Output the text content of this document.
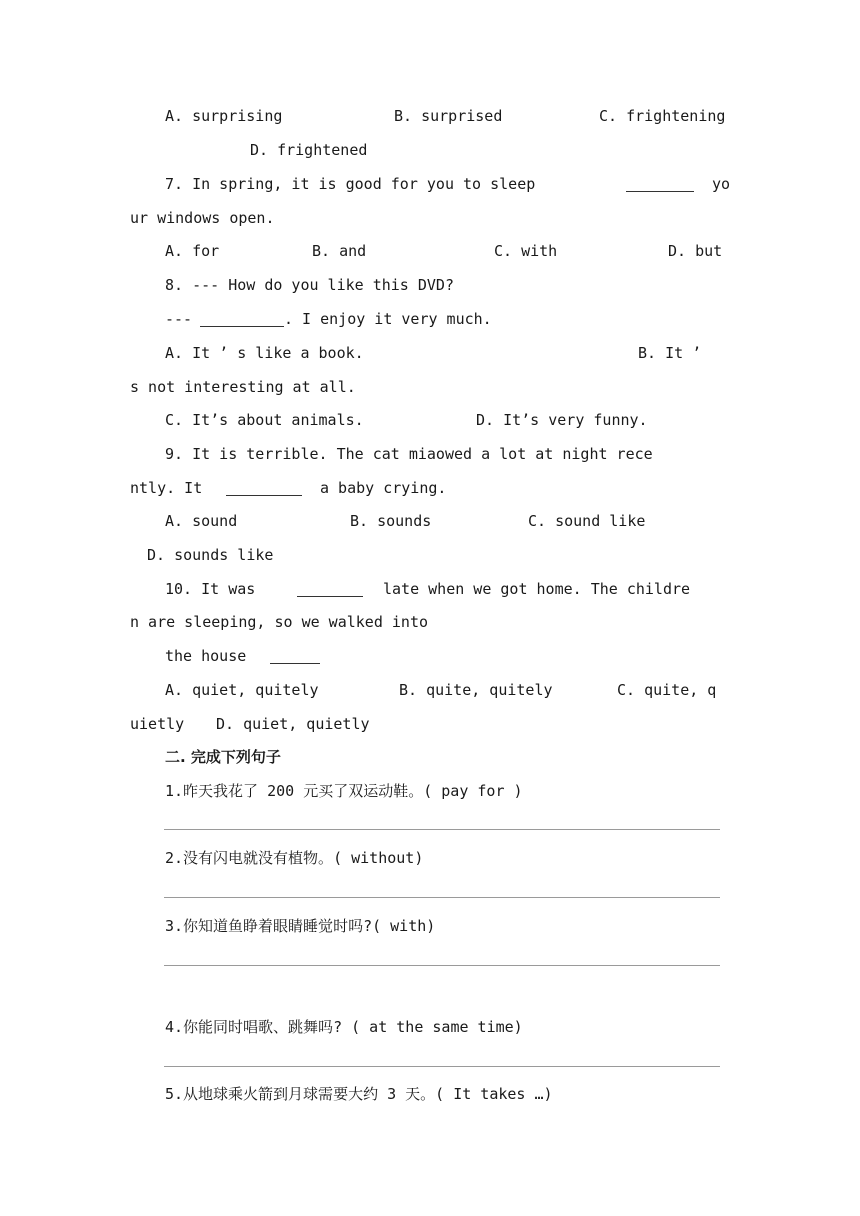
A. surprising	B. surprised	C. frightening
D. frightened
7. In spring, it is good for you to sleep	yo
ur windows open.
A. for	B. and	C. with	D. but
8. --- How do you like this DVD?
---	. I enjoy it very much.
A. It ’ s like a book.	B. It ’
s not interesting at all.
C. It’s about animals.	D. It’s very funny.
9. It is terrible. The cat miaowed a lot at night rece
ntly. It	a baby crying.
A. sound	B. sounds	C. sound like
D. sounds like
10. It was	late when we got home. The childre
n are sleeping, so we walked into
the house
A. quiet, quitely	B. quite, quitely	C. quite, q
uietly D. quiet, quietly
二. 完成下列句子
1.昨天我花了 200 元买了双运动鞋。( pay for )
2.没有闪电就没有植物。( without)
3.你知道鱼睁着眼睛睡觉时吗?( with)
4.你能同时唱歌、跳舞吗? ( at the same time)
5.从地球乘火箭到月球需要大约 3 天。( It takes …)
